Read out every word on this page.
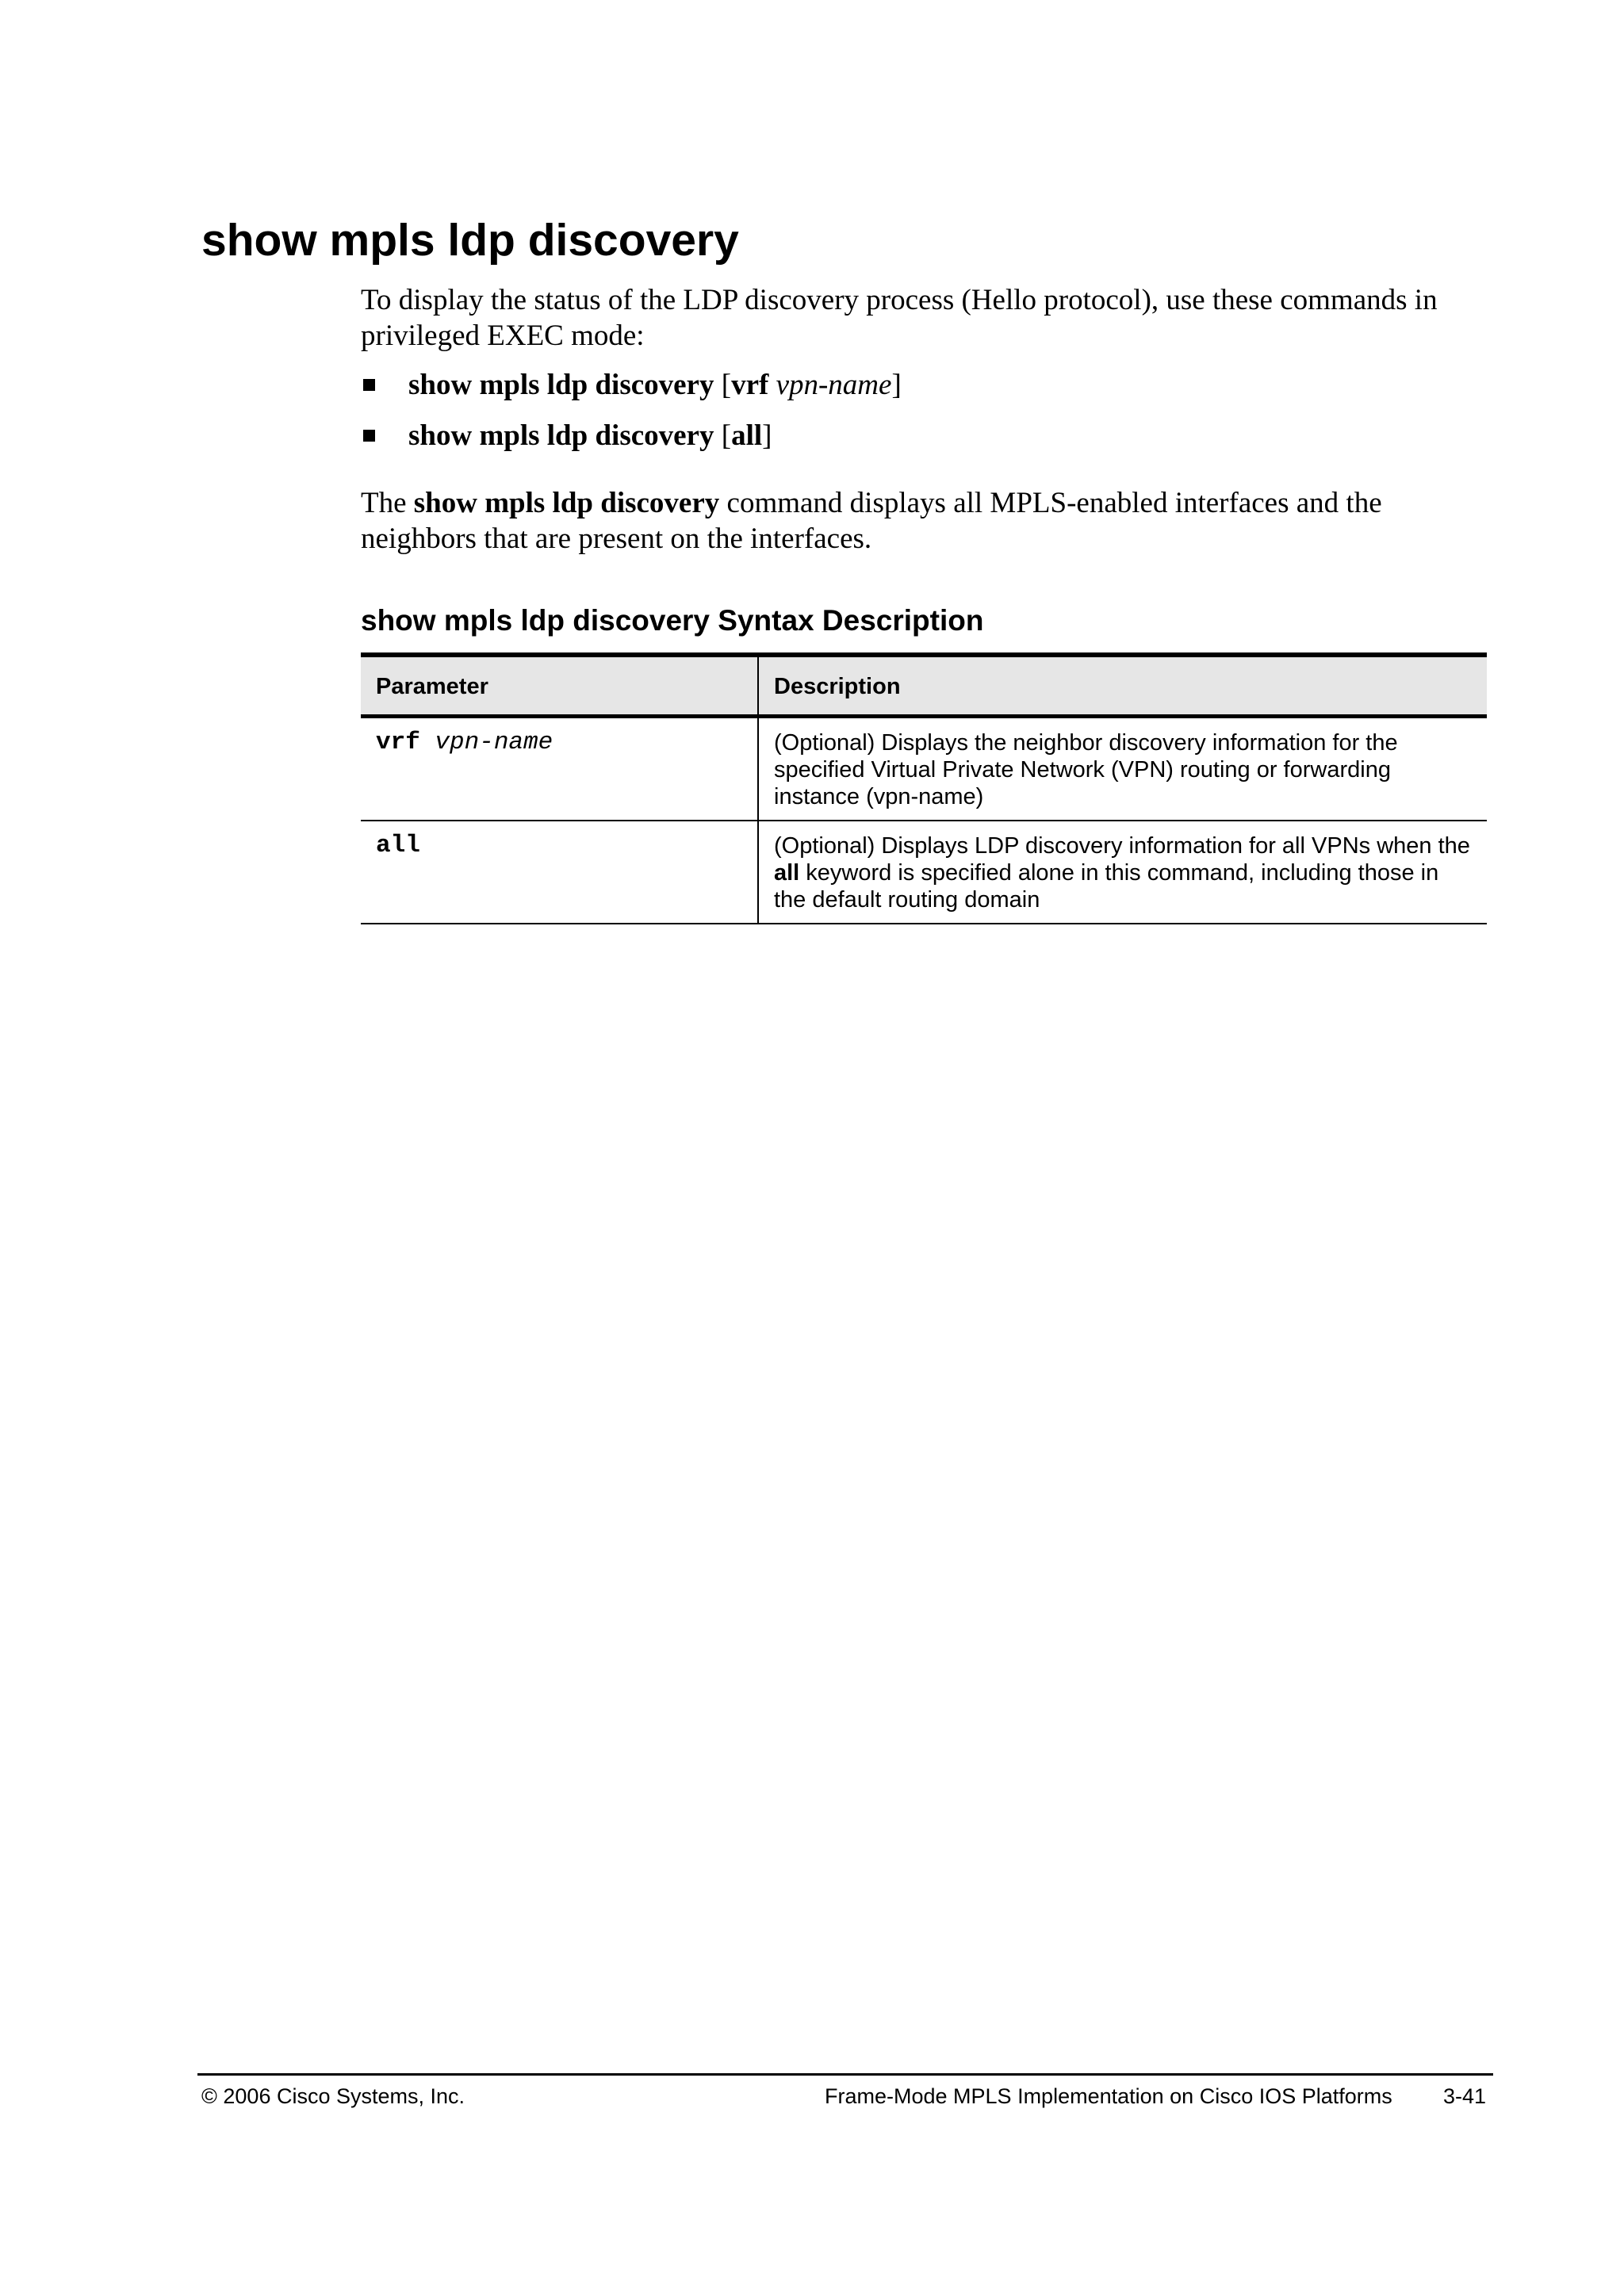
show mpls ldp discovery

To display the status of the LDP discovery process (Hello protocol), use these commands in privileged EXEC mode:

show mpls ldp discovery [vrf vpn-name]
show mpls ldp discovery [all]

The show mpls ldp discovery command displays all MPLS-enabled interfaces and the neighbors that are present on the interfaces.

show mpls ldp discovery Syntax Description
Parameter	Description
vrf vpn-name	(Optional) Displays the neighbor discovery information for the specified Virtual Private Network (VPN) routing or forwarding instance (vpn-name)
all	(Optional) Displays LDP discovery information for all VPNs when the all keyword is specified alone in this command, including those in the default routing domain
© 2006 Cisco Systems, Inc.	Frame-Mode MPLS Implementation on Cisco IOS Platforms 3-41
